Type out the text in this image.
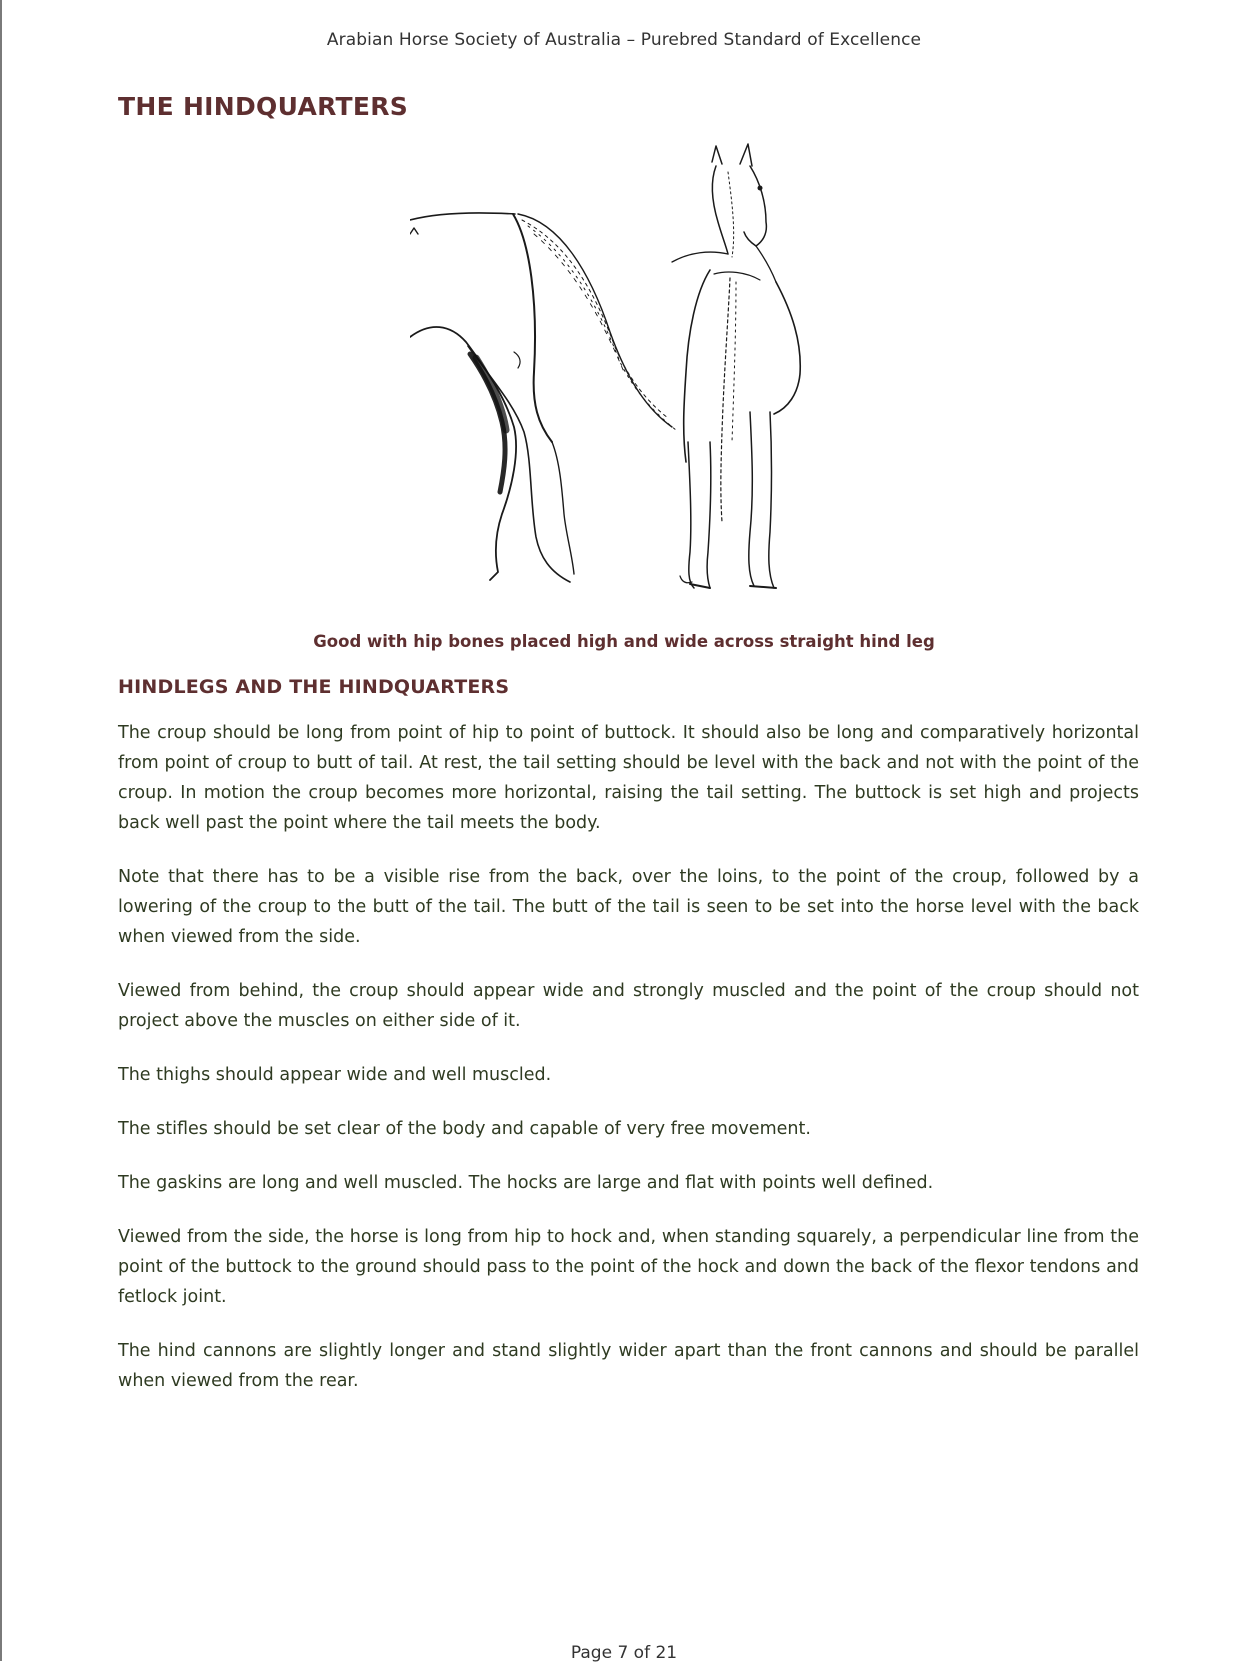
Arabian Horse Society of Australia – Purebred Standard of Excellence
THE HINDQUARTERS
Good with hip bones placed high and wide across straight hind leg
HINDLEGS AND THE HINDQUARTERS

The croup should be long from point of hip to point of buttock. It should also be long and comparatively horizontal from point of croup to butt of tail. At rest, the tail setting should be level with the back and not with the point of the croup. In motion the croup becomes more horizontal, raising the tail setting. The buttock is set high and projects back well past the point where the tail meets the body.

Note that there has to be a visible rise from the back, over the loins, to the point of the croup, followed by a lowering of the croup to the butt of the tail. The butt of the tail is seen to be set into the horse level with the back when viewed from the side.

Viewed from behind, the croup should appear wide and strongly muscled and the point of the croup should not project above the muscles on either side of it.

The thighs should appear wide and well muscled.

The stifles should be set clear of the body and capable of very free movement.

The gaskins are long and well muscled. The hocks are large and flat with points well defined.

Viewed from the side, the horse is long from hip to hock and, when standing squarely, a perpendicular line from the point of the buttock to the ground should pass to the point of the hock and down the back of the flexor tendons and fetlock joint.

The hind cannons are slightly longer and stand slightly wider apart than the front cannons and should be parallel when viewed from the rear.

Page 7 of 21
